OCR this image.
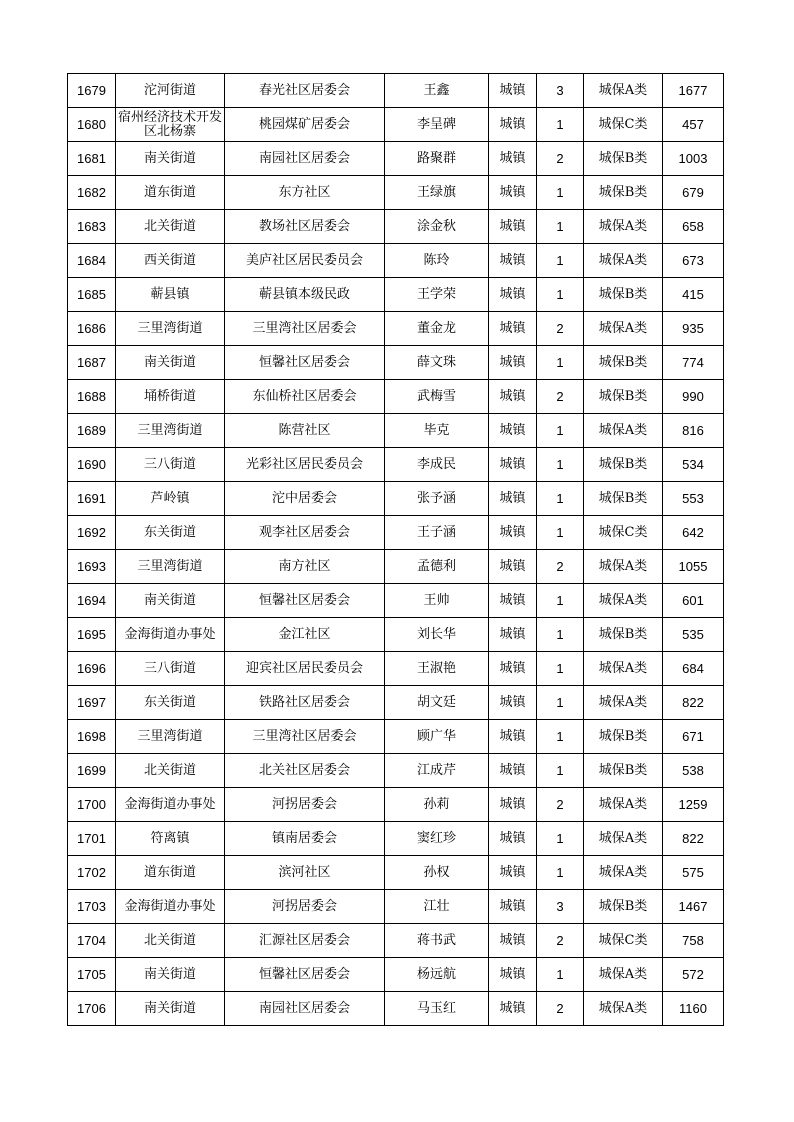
1679	沱河街道	春光社区居委会	王鑫	城镇	3	城保A类	1677
1680	宿州经济技术开发区北杨寨	桃园煤矿居委会	李呈碑	城镇	1	城保C类	457
1681	南关街道	南园社区居委会	路聚群	城镇	2	城保B类	1003
1682	道东街道	东方社区	王绿旗	城镇	1	城保B类	679
1683	北关街道	教场社区居委会	涂金秋	城镇	1	城保A类	658
1684	西关街道	美庐社区居民委员会	陈玲	城镇	1	城保A类	673
1685	蕲县镇	蕲县镇本级民政	王学荣	城镇	1	城保B类	415
1686	三里湾街道	三里湾社区居委会	董金龙	城镇	2	城保A类	935
1687	南关街道	恒馨社区居委会	薛文珠	城镇	1	城保B类	774
1688	埇桥街道	东仙桥社区居委会	武梅雪	城镇	2	城保B类	990
1689	三里湾街道	陈营社区	毕克	城镇	1	城保A类	816
1690	三八街道	光彩社区居民委员会	李成民	城镇	1	城保B类	534
1691	芦岭镇	沱中居委会	张予涵	城镇	1	城保B类	553
1692	东关街道	观李社区居委会	王子涵	城镇	1	城保C类	642
1693	三里湾街道	南方社区	孟德利	城镇	2	城保A类	1055
1694	南关街道	恒馨社区居委会	王帅	城镇	1	城保A类	601
1695	金海街道办事处	金江社区	刘长华	城镇	1	城保B类	535
1696	三八街道	迎宾社区居民委员会	王淑艳	城镇	1	城保A类	684
1697	东关街道	铁路社区居委会	胡文廷	城镇	1	城保A类	822
1698	三里湾街道	三里湾社区居委会	顾广华	城镇	1	城保B类	671
1699	北关街道	北关社区居委会	江成芹	城镇	1	城保B类	538
1700	金海街道办事处	河拐居委会	孙莉	城镇	2	城保A类	1259
1701	符离镇	镇南居委会	窦红珍	城镇	1	城保A类	822
1702	道东街道	滨河社区	孙权	城镇	1	城保A类	575
1703	金海街道办事处	河拐居委会	江壮	城镇	3	城保B类	1467
1704	北关街道	汇源社区居委会	蒋书武	城镇	2	城保C类	758
1705	南关街道	恒馨社区居委会	杨远航	城镇	1	城保A类	572
1706	南关街道	南园社区居委会	马玉红	城镇	2	城保A类	1160
